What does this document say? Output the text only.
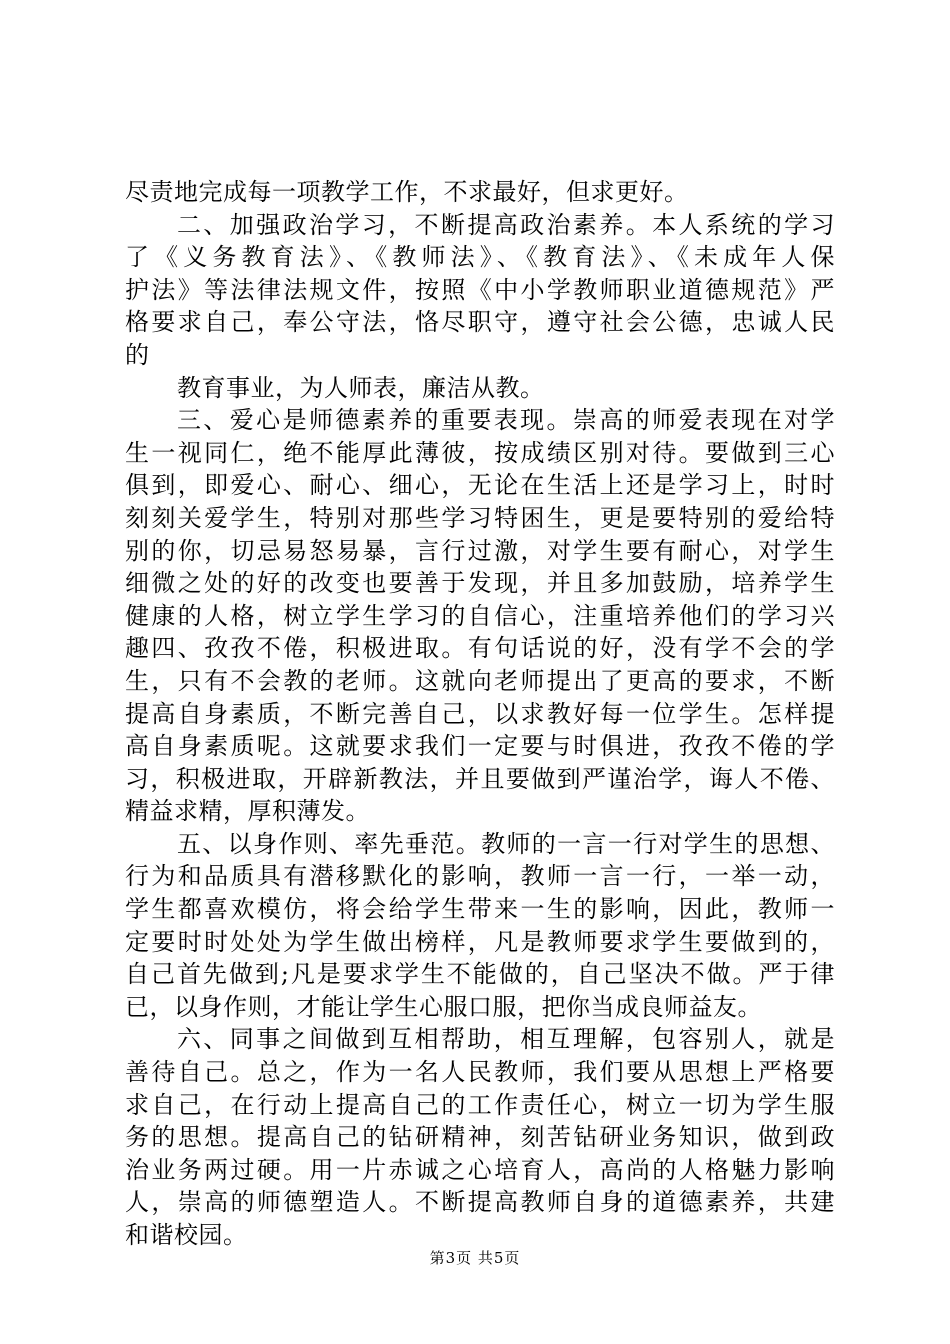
尽责地完成每一项教学工作，不求最好，但求更好。
二、加强政治学习，不断提高政治素养。本人系统的学习
了《义务教育法》、《教师法》、《教育法》、《未成年人保
护法》等法律法规文件，按照《中小学教师职业道德规范》严
格要求自己，奉公守法，恪尽职守，遵守社会公德，忠诚人民
的
教育事业，为人师表，廉洁从教。
三、爱心是师德素养的重要表现。崇高的师爱表现在对学
生一视同仁，绝不能厚此薄彼，按成绩区别对待。要做到三心
俱到，即爱心、耐心、细心，无论在生活上还是学习上，时时
刻刻关爱学生，特别对那些学习特困生，更是要特别的爱给特
别的你，切忌易怒易暴，言行过激，对学生要有耐心，对学生
细微之处的好的改变也要善于发现，并且多加鼓励，培养学生
健康的人格，树立学生学习的自信心，注重培养他们的学习兴
趣四、孜孜不倦，积极进取。有句话说的好，没有学不会的学
生，只有不会教的老师。这就向老师提出了更高的要求，不断
提高自身素质，不断完善自己，以求教好每一位学生。怎样提
高自身素质呢。这就要求我们一定要与时俱进，孜孜不倦的学
习，积极进取，开辟新教法，并且要做到严谨治学，诲人不倦、
精益求精，厚积薄发。
五、以身作则、率先垂范。教师的一言一行对学生的思想、
行为和品质具有潜移默化的影响，教师一言一行，一举一动，
学生都喜欢模仿，将会给学生带来一生的影响，因此，教师一
定要时时处处为学生做出榜样，凡是教师要求学生要做到的，
自己首先做到;凡是要求学生不能做的，自己坚决不做。严于律
已，以身作则，才能让学生心服口服，把你当成良师益友。
六、同事之间做到互相帮助，相互理解，包容别人，就是
善待自己。总之，作为一名人民教师，我们要从思想上严格要
求自己，在行动上提高自己的工作责任心，树立一切为学生服
务的思想。提高自己的钻研精神，刻苦钻研业务知识，做到政
治业务两过硬。用一片赤诚之心培育人，高尚的人格魅力影响
人，崇高的师德塑造人。不断提高教师自身的道德素养，共建
和谐校园。
第3页 共5页
